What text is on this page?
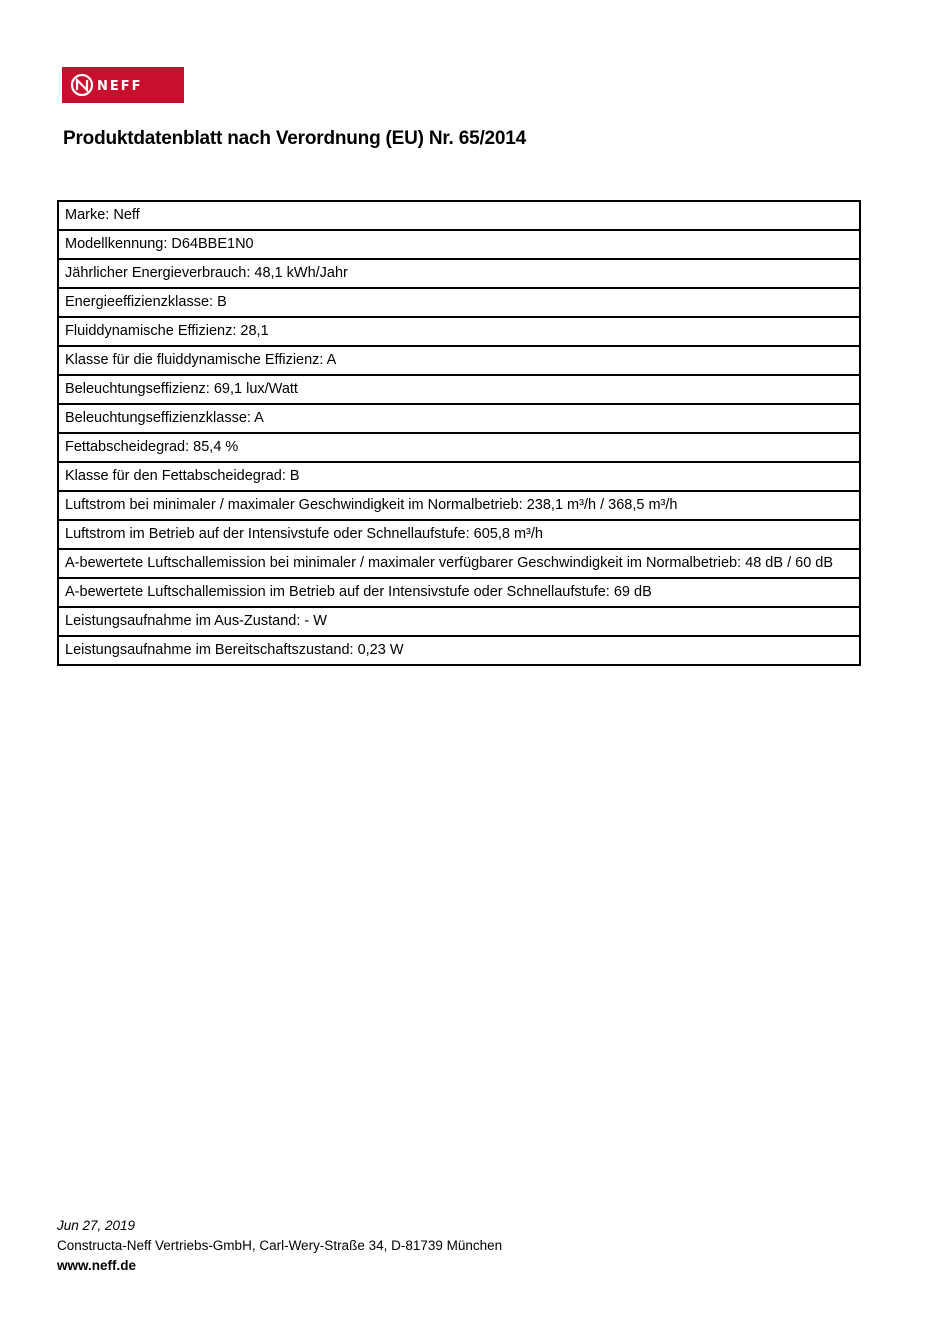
NEFF
Produktdatenblatt nach Verordnung (EU) Nr. 65/2014
Marke: Neff
Modellkennung: D64BBE1N0
Jährlicher Energieverbrauch: 48,1 kWh/Jahr
Energieeffizienzklasse: B
Fluiddynamische Effizienz: 28,1
Klasse für die fluiddynamische Effizienz: A
Beleuchtungseffizienz: 69,1 lux/Watt
Beleuchtungseffizienzklasse: A
Fettabscheidegrad: 85,4 %
Klasse für den Fettabscheidegrad: B
Luftstrom bei minimaler / maximaler Geschwindigkeit im Normalbetrieb: 238,1 m³/h / 368,5 m³/h
Luftstrom im Betrieb auf der Intensivstufe oder Schnellaufstufe: 605,8 m³/h
A-bewertete Luftschallemission bei minimaler / maximaler verfügbarer Geschwindigkeit im Normalbetrieb: 48 dB / 60 dB
A-bewertete Luftschallemission im Betrieb auf der Intensivstufe oder Schnellaufstufe: 69 dB
Leistungsaufnahme im Aus-Zustand: - W
Leistungsaufnahme im Bereitschaftszustand: 0,23 W
Jun 27, 2019
Constructa-Neff Vertriebs-GmbH, Carl-Wery-Straße 34, D-81739 München
www.neff.de
